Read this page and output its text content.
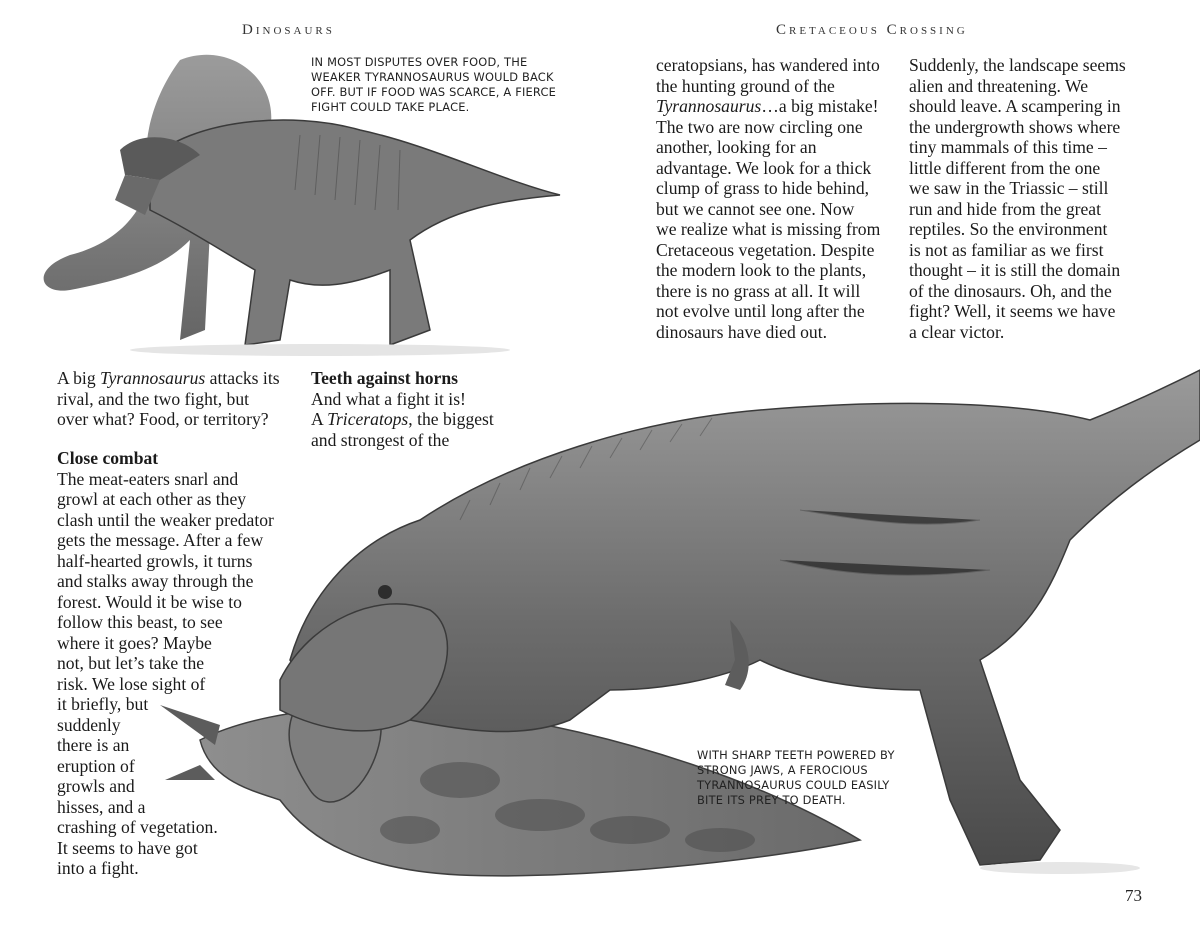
Dinosaurs	Cretaceous Crossing
IN MOST DISPUTES OVER FOOD, THE WEAKER TYRANNOSAURUS WOULD BACK OFF. BUT IF FOOD WAS SCARCE, A FIERCE FIGHT COULD TAKE PLACE.
WITH SHARP TEETH POWERED BY STRONG JAWS, A FEROCIOUS TYRANNOSAURUS COULD EASILY BITE ITS PREY TO DEATH.
A big Tyrannosaurus attacks its
rival, and the two fight, but
over what? Food, or territory?

Close combat

The meat-eaters snarl and
growl at each other as they
clash until the weaker predator
gets the message. After a few
half-hearted growls, it turns
and stalks away through the
forest. Would it be wise to
follow this beast, to see
where it goes? Maybe
not, but let’s take the
risk. We lose sight of
it briefly, but
suddenly
there is an
eruption of
growls and
hisses, and a
crashing of vegetation.
It seems to have got
into a fight.

Teeth against horns

And what a fight it is!
A Triceratops, the biggest
and strongest of the
ceratopsians, has wandered into
the hunting ground of the
Tyrannosaurus…a big mistake!
The two are now circling one
another, looking for an
advantage. We look for a thick
clump of grass to hide behind,
but we cannot see one. Now
we realize what is missing from
Cretaceous vegetation. Despite
the modern look to the plants,
there is no grass at all. It will
not evolve until long after the
dinosaurs have died out.
Suddenly, the landscape seems
alien and threatening. We
should leave. A scampering in
the undergrowth shows where
tiny mammals of this time –
little different from the one
we saw in the Triassic – still
run and hide from the great
reptiles. So the environment
is not as familiar as we first
thought – it is still the domain
of the dinosaurs. Oh, and the
fight? Well, it seems we have
a clear victor.
73
